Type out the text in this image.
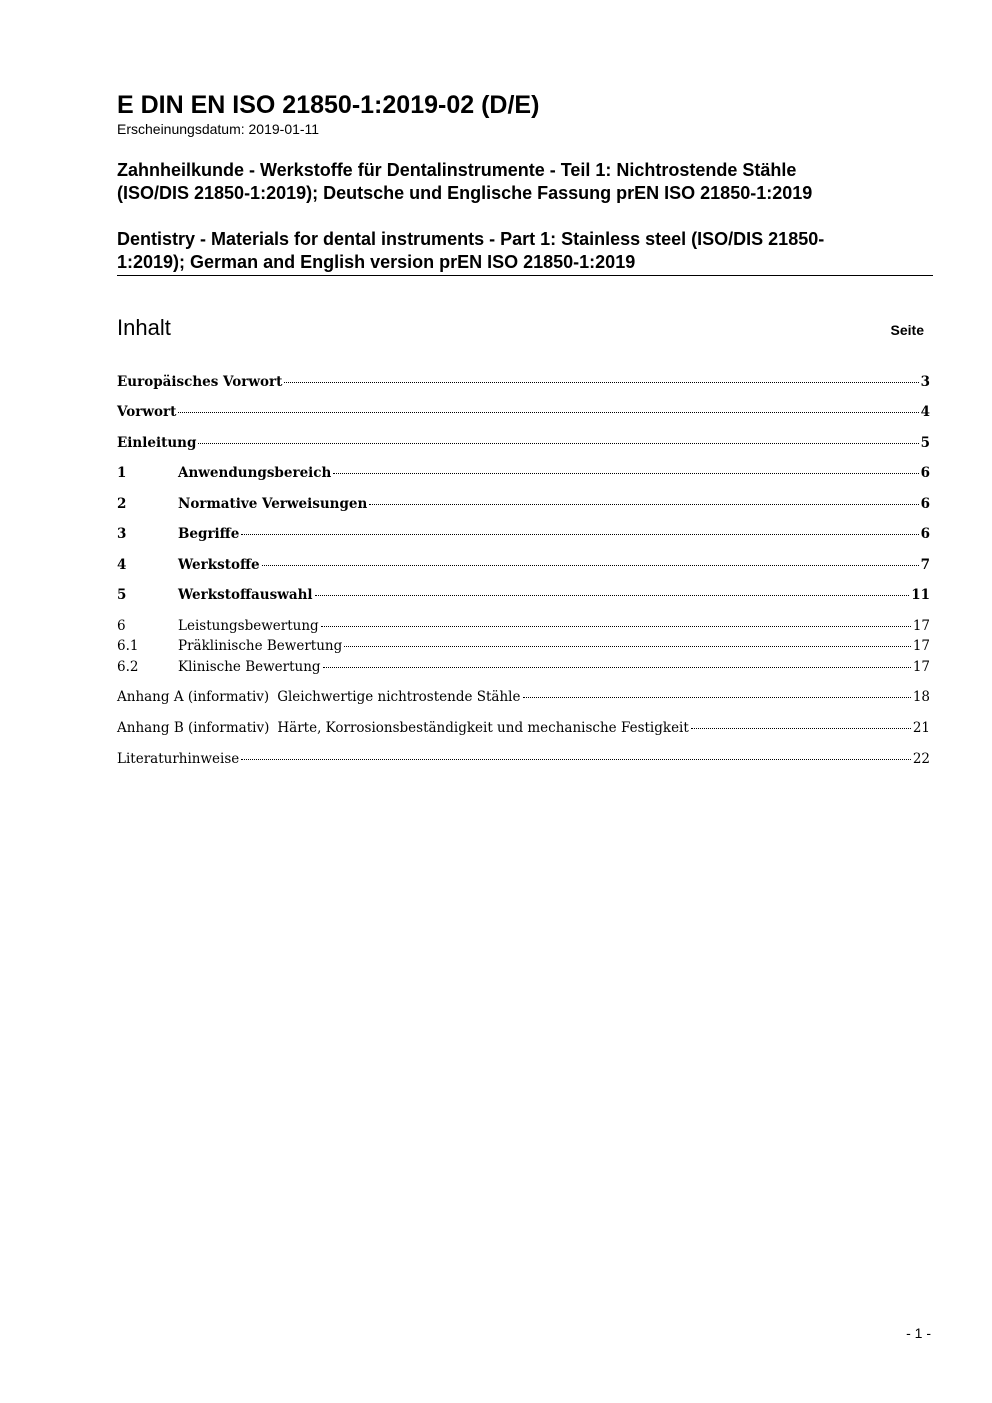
E DIN EN ISO 21850-1:2019-02 (D/E)
Erscheinungsdatum: 2019-01-11
Zahnheilkunde - Werkstoffe für Dentalinstrumente - Teil 1: Nichtrostende Stähle
(ISO/DIS 21850-1:2019); Deutsche und Englische Fassung prEN ISO 21850-1:2019
Dentistry - Materials for dental instruments - Part 1: Stainless steel (ISO/DIS 21850-
1:2019); German and English version prEN ISO 21850-1:2019
Inhalt	Seite
Europäisches Vorwort	3
Vorwort	4
Einleitung	5
1	Anwendungsbereich	6
2	Normative Verweisungen	6
3	Begriffe	6
4	Werkstoffe	7
5	Werkstoffauswahl	11
6	Leistungsbewertung	17
6.1	Präklinische Bewertung	17
6.2	Klinische Bewertung	17
Anhang A (informativ) Gleichwertige nichtrostende Stähle	18
Anhang B (informativ) Härte, Korrosionsbeständigkeit und mechanische Festigkeit	21
Literaturhinweise	22
- 1 -
